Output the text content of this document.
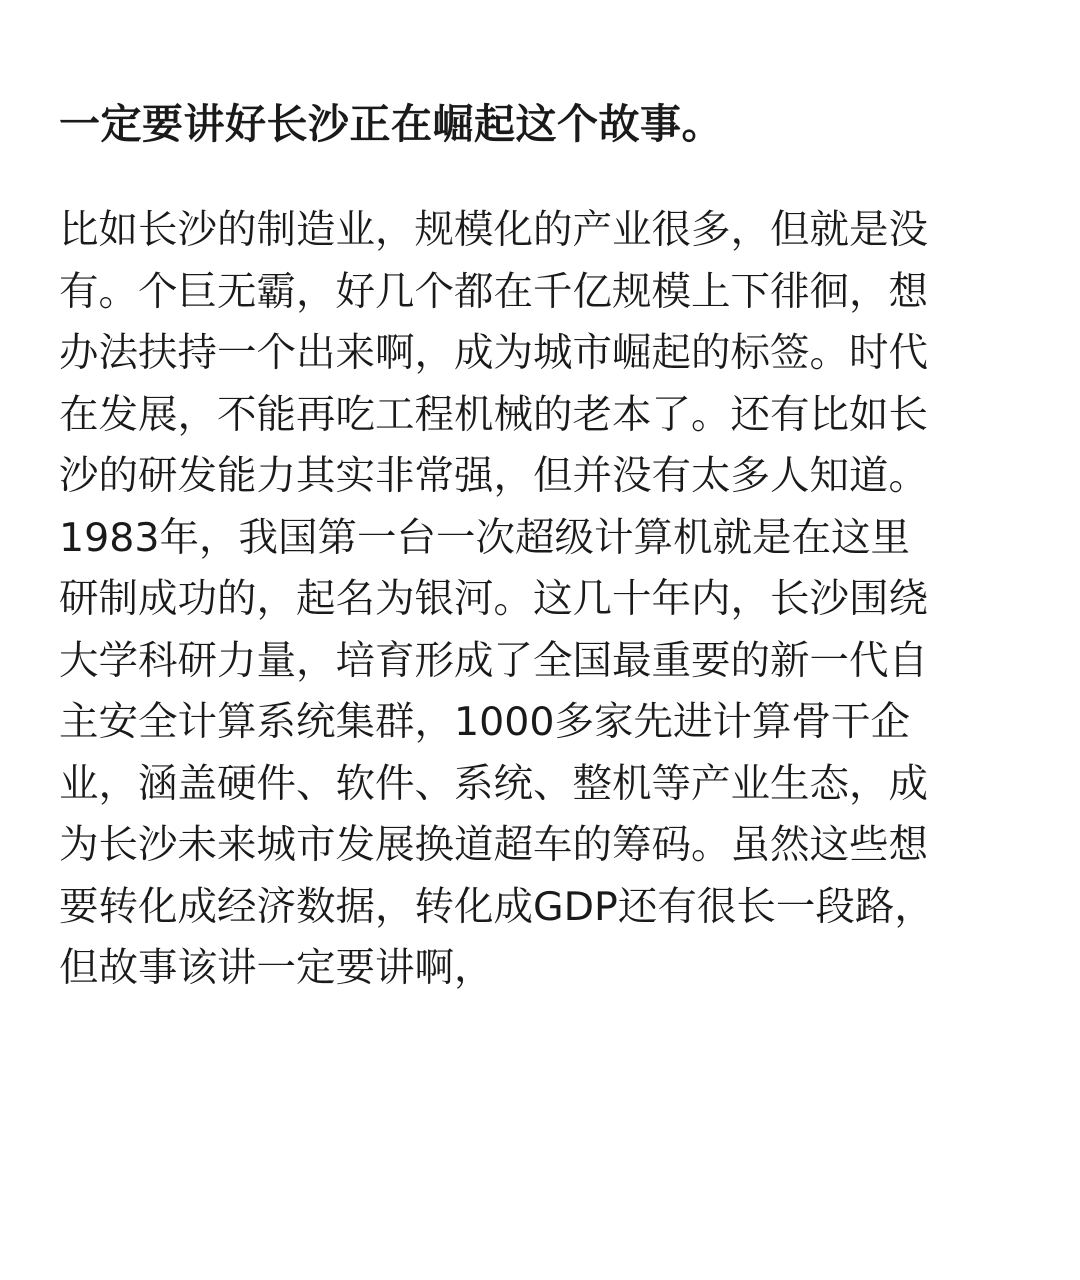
一定要讲好长沙正在崛起这个故事。
比如长沙的制造业，规模化的产业很多，但就是没
有。个巨无霸，好几个都在千亿规模上下徘徊，想
办法扶持一个出来啊，成为城市崛起的标签。时代
在发展，不能再吃工程机械的老本了。还有比如长
沙的研发能力其实非常强，但并没有太多人知道。
1983年，我国第一台一次超级计算机就是在这里
研制成功的，起名为银河。这几十年内，长沙围绕
大学科研力量，培育形成了全国最重要的新一代自
主安全计算系统集群，1000多家先进计算骨干企
业，涵盖硬件、软件、系统、整机等产业生态，成
为长沙未来城市发展换道超车的筹码。虽然这些想
要转化成经济数据，转化成GDP还有很长一段路，
但故事该讲一定要讲啊，
